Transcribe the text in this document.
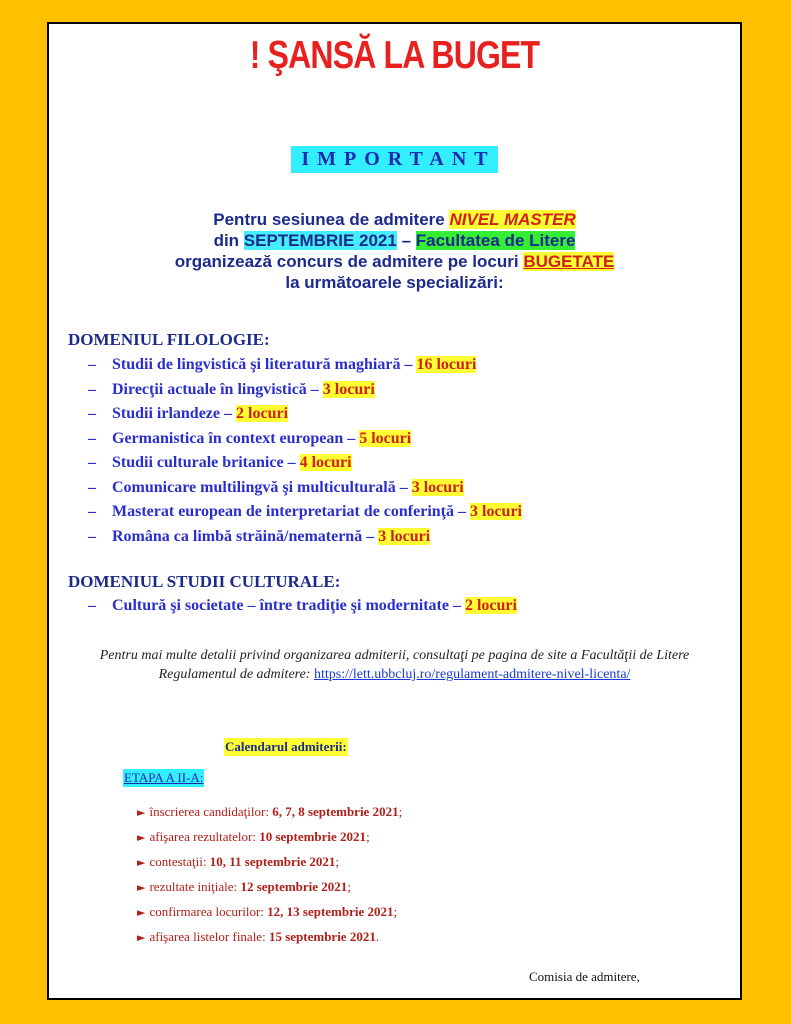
! ŞANSĂ LA BUGET
IMPORTANT
Pentru sesiunea de admitere NIVEL MASTER
din SEPTEMBRIE 2021 – Facultatea de Litere
organizează concurs de admitere pe locuri BUGETATE
la următoarele specializări:
DOMENIUL FILOLOGIE:
– Studii de lingvistică şi literatură maghiară – 16 locuri
– Direcţii actuale în lingvistică – 3 locuri
– Studii irlandeze – 2 locuri
– Germanistica în context european – 5 locuri
– Studii culturale britanice – 4 locuri
– Comunicare multilingvă şi multiculturală – 3 locuri
– Masterat european de interpretariat de conferinţă – 3 locuri
– Româna ca limbă străină/nematernă – 3 locuri
DOMENIUL STUDII CULTURALE:
– Cultură şi societate – între tradiţie şi modernitate – 2 locuri
Pentru mai multe detalii privind organizarea admiterii, consultaţi pe pagina de site a Facultăţii de Litere
Regulamentul de admitere: https://lett.ubbcluj.ro/regulament-admitere-nivel-licenta/
Calendarul admiterii:
ETAPA A II-A:
► înscrierea candidaţilor: 6, 7, 8 septembrie 2021;
► afişarea rezultatelor: 10 septembrie 2021;
► contestaţii: 10, 11 septembrie 2021;
► rezultate iniţiale: 12 septembrie 2021;
► confirmarea locurilor: 12, 13 septembrie 2021;
► afişarea listelor finale: 15 septembrie 2021.
Comisia de admitere,
